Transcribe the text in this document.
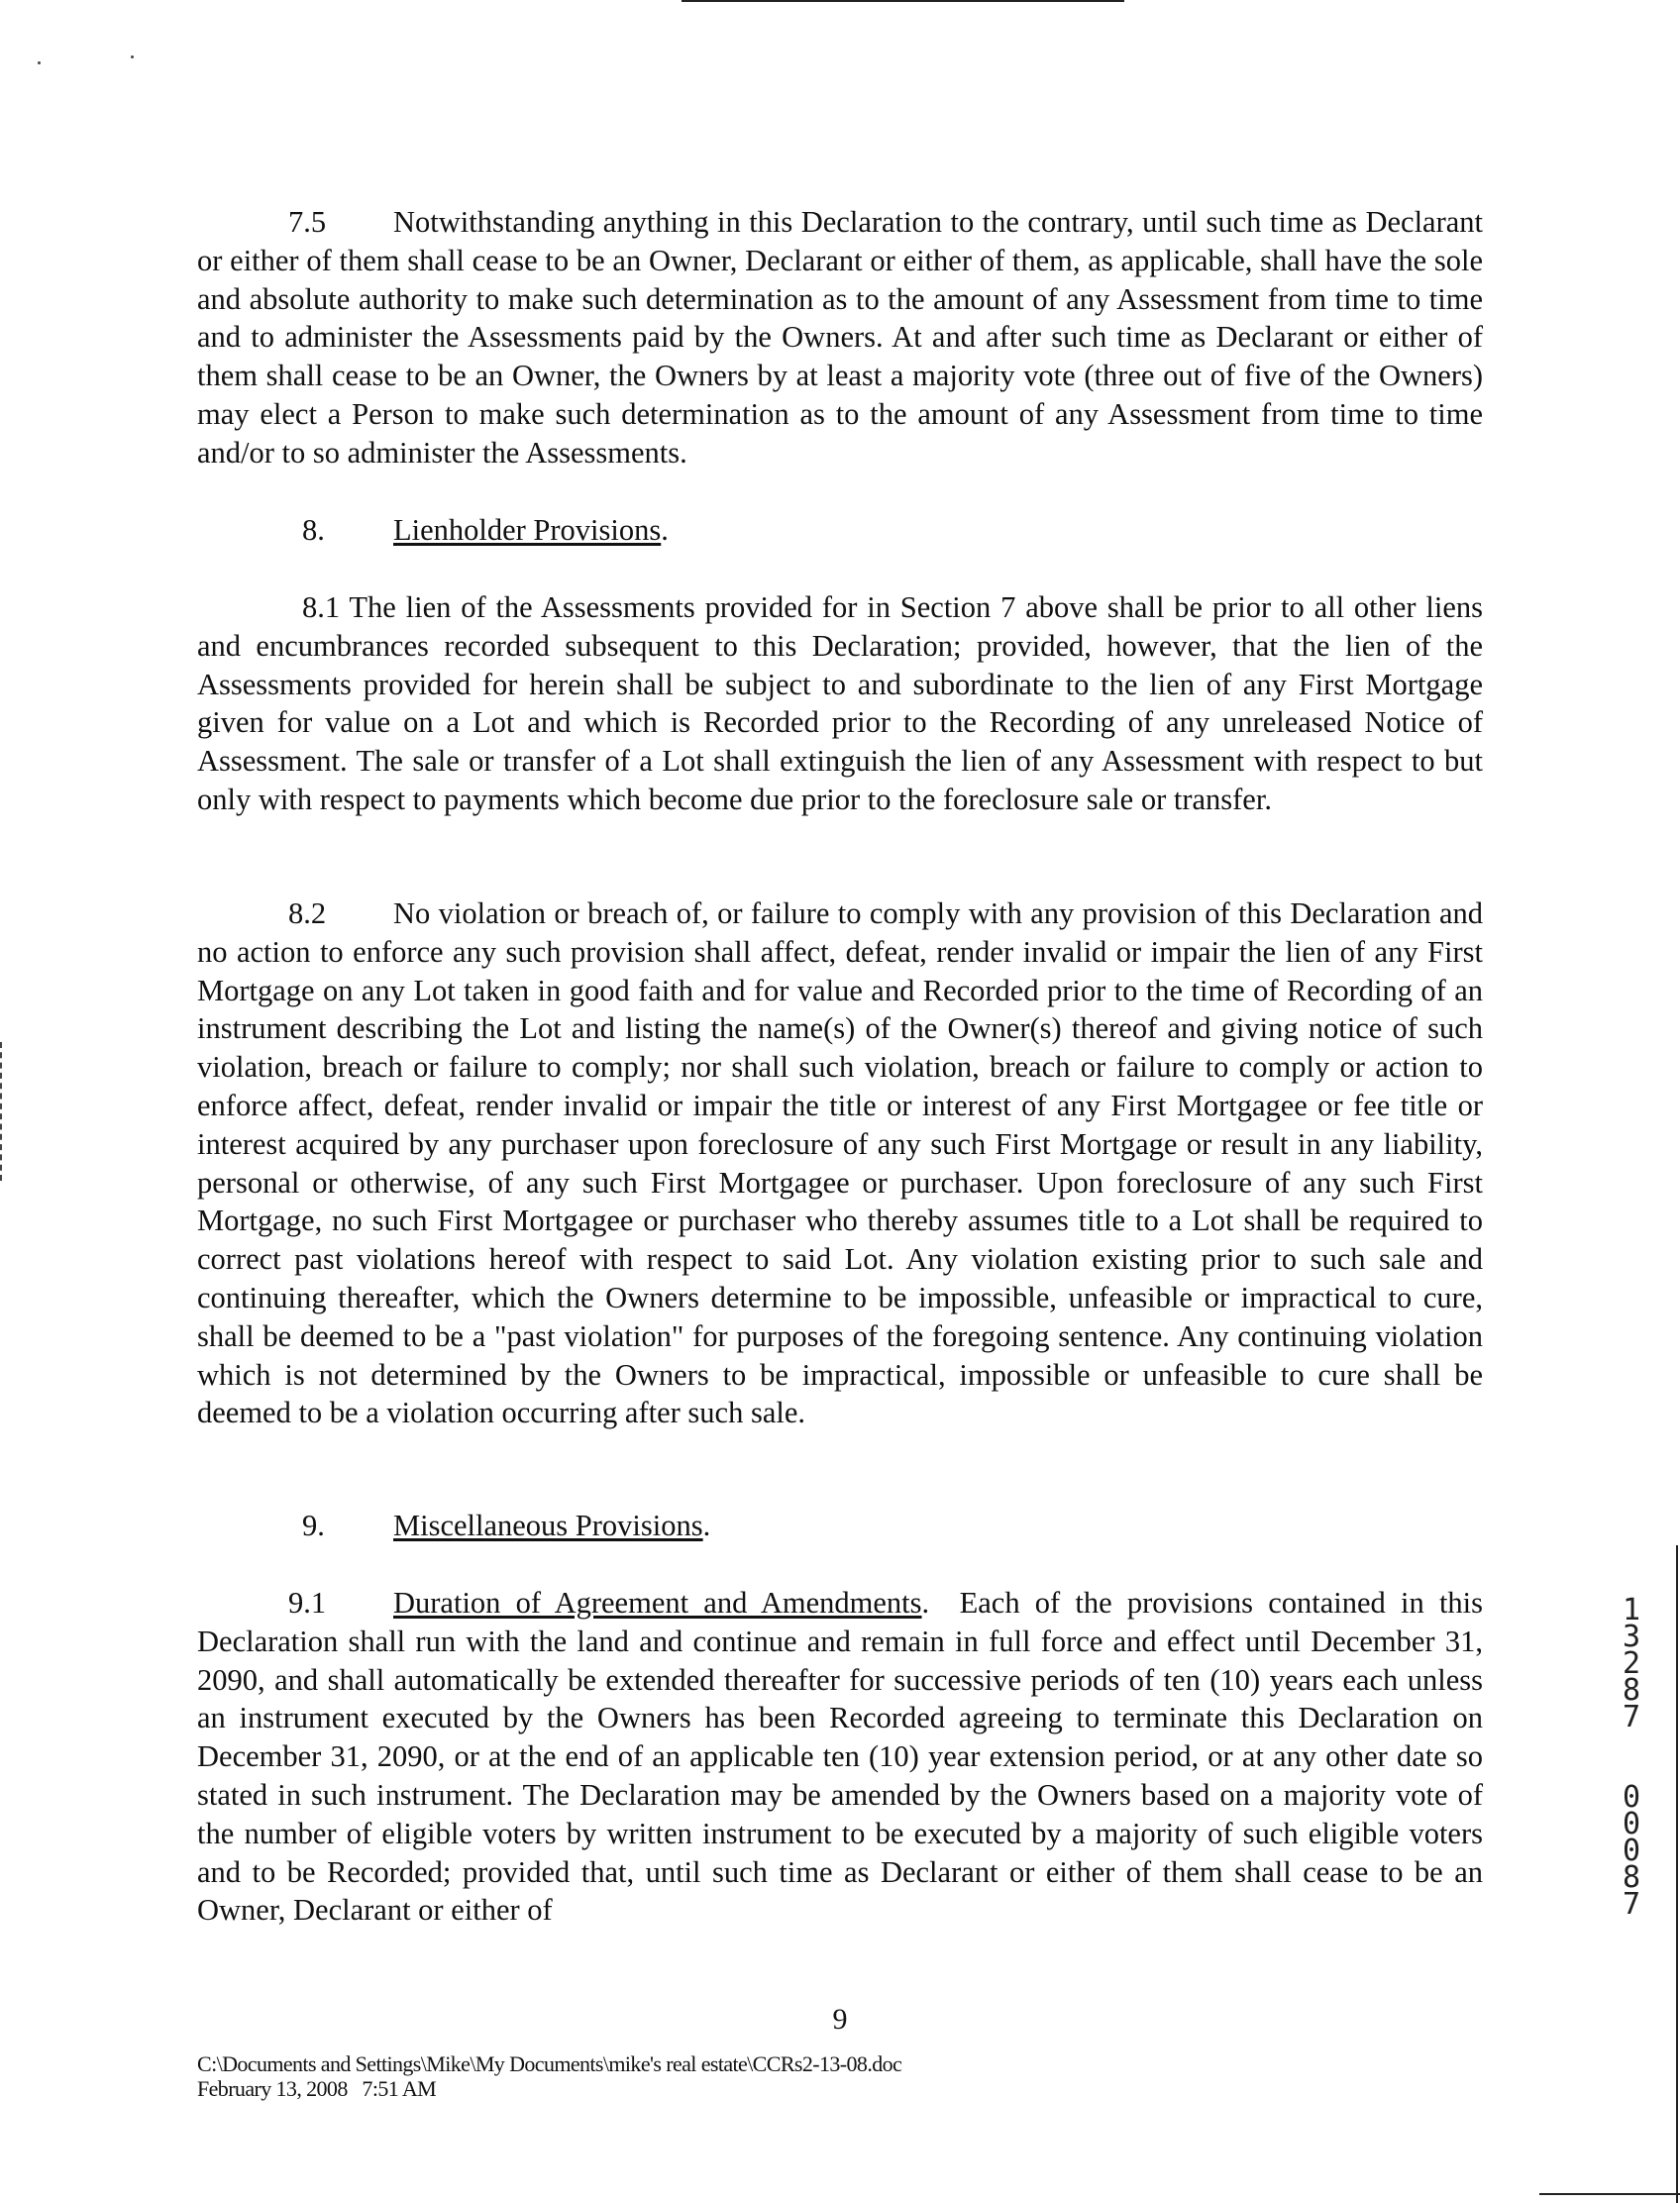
7.5 Notwithstanding anything in this Declaration to the contrary, until such time as Declarant or either of them shall cease to be an Owner, Declarant or either of them, as applicable, shall have the sole and absolute authority to make such determination as to the amount of any Assessment from time to time and to administer the Assessments paid by the Owners. At and after such time as Declarant or either of them shall cease to be an Owner, the Owners by at least a majority vote (three out of five of the Owners) may elect a Person to make such determination as to the amount of any Assessment from time to time and/or to so administer the Assessments.
8. Lienholder Provisions.
8.1 The lien of the Assessments provided for in Section 7 above shall be prior to all other liens and encumbrances recorded subsequent to this Declaration; provided, however, that the lien of the Assessments provided for herein shall be subject to and subordinate to the lien of any First Mortgage given for value on a Lot and which is Recorded prior to the Recording of any unreleased Notice of Assessment. The sale or transfer of a Lot shall extinguish the lien of any Assessment with respect to but only with respect to payments which become due prior to the foreclosure sale or transfer.
8.2 No violation or breach of, or failure to comply with any provision of this Declaration and no action to enforce any such provision shall affect, defeat, render invalid or impair the lien of any First Mortgage on any Lot taken in good faith and for value and Recorded prior to the time of Recording of an instrument describing the Lot and listing the name(s) of the Owner(s) thereof and giving notice of such violation, breach or failure to comply; nor shall such violation, breach or failure to comply or action to enforce affect, defeat, render invalid or impair the title or interest of any First Mortgagee or fee title or interest acquired by any purchaser upon foreclosure of any such First Mortgage or result in any liability, personal or otherwise, of any such First Mortgagee or purchaser. Upon foreclosure of any such First Mortgage, no such First Mortgagee or purchaser who thereby assumes title to a Lot shall be required to correct past violations hereof with respect to said Lot. Any violation existing prior to such sale and continuing thereafter, which the Owners determine to be impossible, unfeasible or impractical to cure, shall be deemed to be a "past violation" for purposes of the foregoing sentence. Any continuing violation which is not determined by the Owners to be impractical, impossible or unfeasible to cure shall be deemed to be a violation occurring after such sale.
9. Miscellaneous Provisions.
9.1 Duration of Agreement and Amendments. Each of the provisions contained in this Declaration shall run with the land and continue and remain in full force and effect until December 31, 2090, and shall automatically be extended thereafter for successive periods of ten (10) years each unless an instrument executed by the Owners has been Recorded agreeing to terminate this Declaration on December 31, 2090, or at the end of an applicable ten (10) year extension period, or at any other date so stated in such instrument. The Declaration may be amended by the Owners based on a majority vote of the number of eligible voters by written instrument to be executed by a majority of such eligible voters and to be Recorded; provided that, until such time as Declarant or either of them shall cease to be an Owner, Declarant or either of
1
3
2
8
7
0
0
0
8
7
9
C:\Documents and Settings\Mike\My Documents\mike's real estate\CCRs2-13-08.doc
February 13, 2008   7:51 AM
